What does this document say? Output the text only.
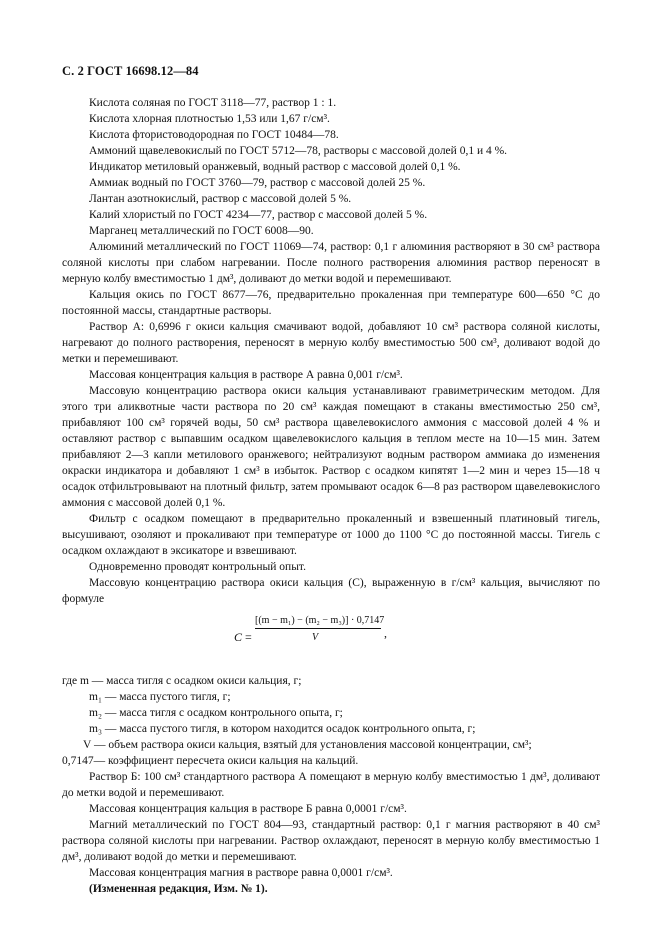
С. 2 ГОСТ 16698.12—84

Кислота соляная по ГОСТ 3118—77, раствор 1 : 1.

Кислота хлорная плотностью 1,53 или 1,67 г/см³.

Кислота фтористоводородная по ГОСТ 10484—78.

Аммоний щавелевокислый по ГОСТ 5712—78, растворы с массовой долей 0,1 и 4 %.

Индикатор метиловый оранжевый, водный раствор с массовой долей 0,1 %.

Аммиак водный по ГОСТ 3760—79, раствор с массовой долей 25 %.

Лантан азотнокислый, раствор с массовой долей 5 %.

Калий хлористый по ГОСТ 4234—77, раствор с массовой долей 5 %.

Марганец металлический по ГОСТ 6008—90.

Алюминий металлический по ГОСТ 11069—74, раствор: 0,1 г алюминия растворяют в 30 см³ раствора соляной кислоты при слабом нагревании. После полного растворения алюминия раствор переносят в мерную колбу вместимостью 1 дм³, доливают до метки водой и перемешивают.

Кальция окись по ГОСТ 8677—76, предварительно прокаленная при температуре 600—650 °С до постоянной массы, стандартные растворы.

Раствор А: 0,6996 г окиси кальция смачивают водой, добавляют 10 см³ раствора соляной кислоты, нагревают до полного растворения, переносят в мерную колбу вместимостью 500 см³, доливают водой до метки и перемешивают.

Массовая концентрация кальция в растворе А равна 0,001 г/см³.

Массовую концентрацию раствора окиси кальция устанавливают гравиметрическим методом. Для этого три аликвотные части раствора по 20 см³ каждая помещают в стаканы вместимостью 250 см³, прибавляют 100 см³ горячей воды, 50 см³ раствора щавелевокислого аммония с массовой долей 4 % и оставляют раствор с выпавшим осадком щавелевокислого кальция в теплом месте на 10—15 мин. Затем прибавляют 2—3 капли метилового оранжевого; нейтрализуют водным раствором аммиака до изменения окраски индикатора и добавляют 1 см³ в избыток. Раствор с осадком кипятят 1—2 мин и через 15—18 ч осадок отфильтровывают на плотный фильтр, затем промывают осадок 6—8 раз раствором щавелевокислого аммония с массовой долей 0,1 %.

Фильтр с осадком помещают в предварительно прокаленный и взвешенный платиновый тигель, высушивают, озоляют и прокаливают при температуре от 1000 до 1100 °С до постоянной массы. Тигель с осадком охлаждают в эксикаторе и взвешивают.

Одновременно проводят контрольный опыт.

Массовую концентрацию раствора окиси кальция (С), выраженную в г/см³ кальция, вычисляют по формуле

C =
[(m − m₁) − (m₂ − m₃)] · 0,7147
V	,

где m — масса тигля с осадком окиси кальция, г;

m₁ — масса пустого тигля, г;

m₂ — масса тигля с осадком контрольного опыта, г;

m₃ — масса пустого тигля, в котором находится осадок контрольного опыта, г;

V — объем раствора окиси кальция, взятый для установления массовой концентрации, см³;

0,7147— коэффициент пересчета окиси кальция на кальций.

Раствор Б: 100 см³ стандартного раствора А помещают в мерную колбу вместимостью 1 дм³, доливают до метки водой и перемешивают.

Массовая концентрация кальция в растворе Б равна 0,0001 г/см³.

Магний металлический по ГОСТ 804—93, стандартный раствор: 0,1 г магния растворяют в 40 см³ раствора соляной кислоты при нагревании. Раствор охлаждают, переносят в мерную колбу вместимостью 1 дм³, доливают водой до метки и перемешивают.

Массовая концентрация магния в растворе равна 0,0001 г/см³.

(Измененная редакция, Изм. № 1).
